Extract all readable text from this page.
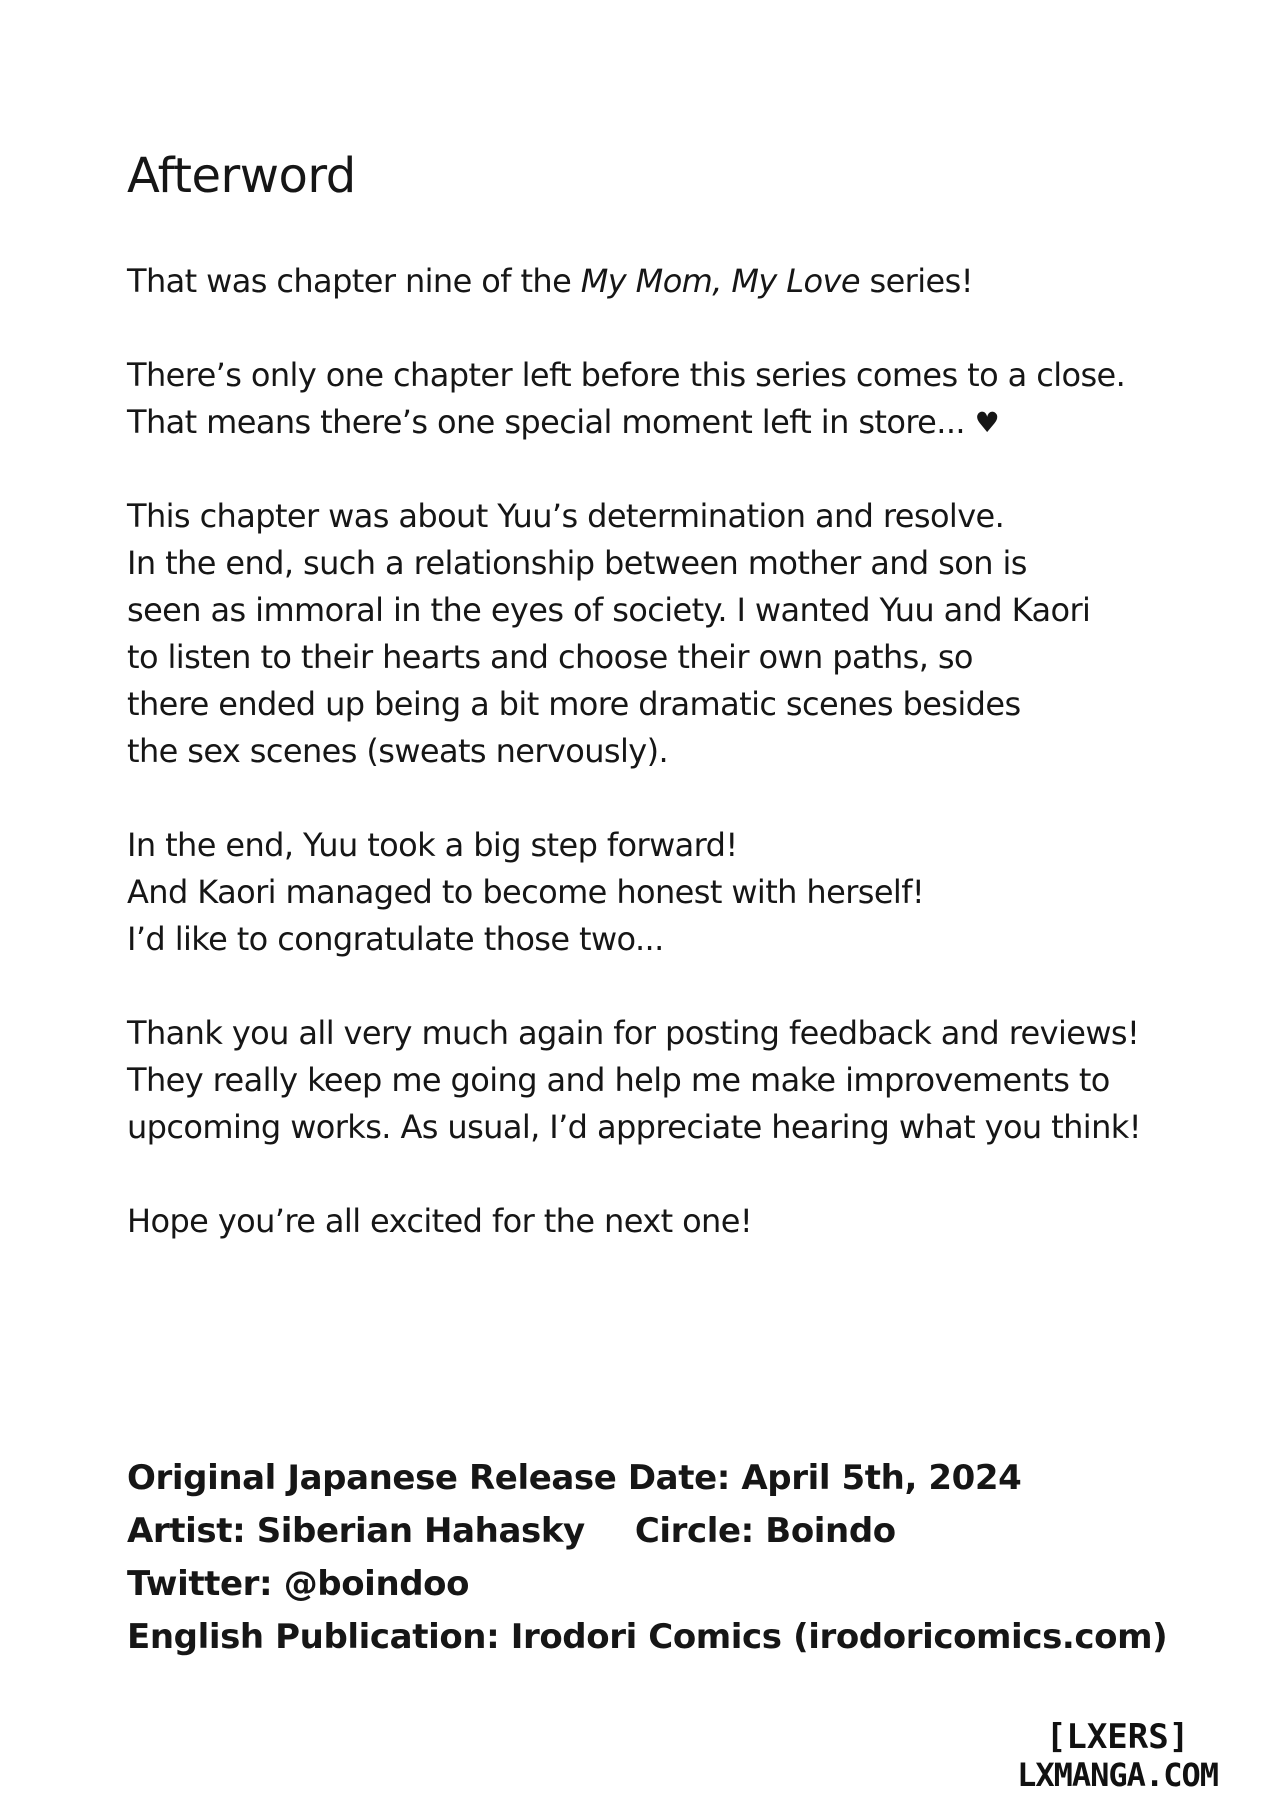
Afterword

That was chapter nine of the My Mom, My Love series!

There’s only one chapter left before this series comes to a close.
That means there’s one special moment left in store... ♥

This chapter was about Yuu’s determination and resolve.
In the end, such a relationship between mother and son is
seen as immoral in the eyes of society. I wanted Yuu and Kaori
to listen to their hearts and choose their own paths, so
there ended up being a bit more dramatic scenes besides
the sex scenes (sweats nervously).

In the end, Yuu took a big step forward!
And Kaori managed to become honest with herself!
I’d like to congratulate those two...

Thank you all very much again for posting feedback and reviews!
They really keep me going and help me make improvements to
upcoming works. As usual, I’d appreciate hearing what you think!

Hope you’re all excited for the next one!

Original Japanese Release Date: April 5th, 2024
Artist: Siberian Hahasky Circle: Boindo
Twitter: @boindoo
English Publication: Irodori Comics (irodoricomics.com)
[LXERS]
LXMANGA.COM
